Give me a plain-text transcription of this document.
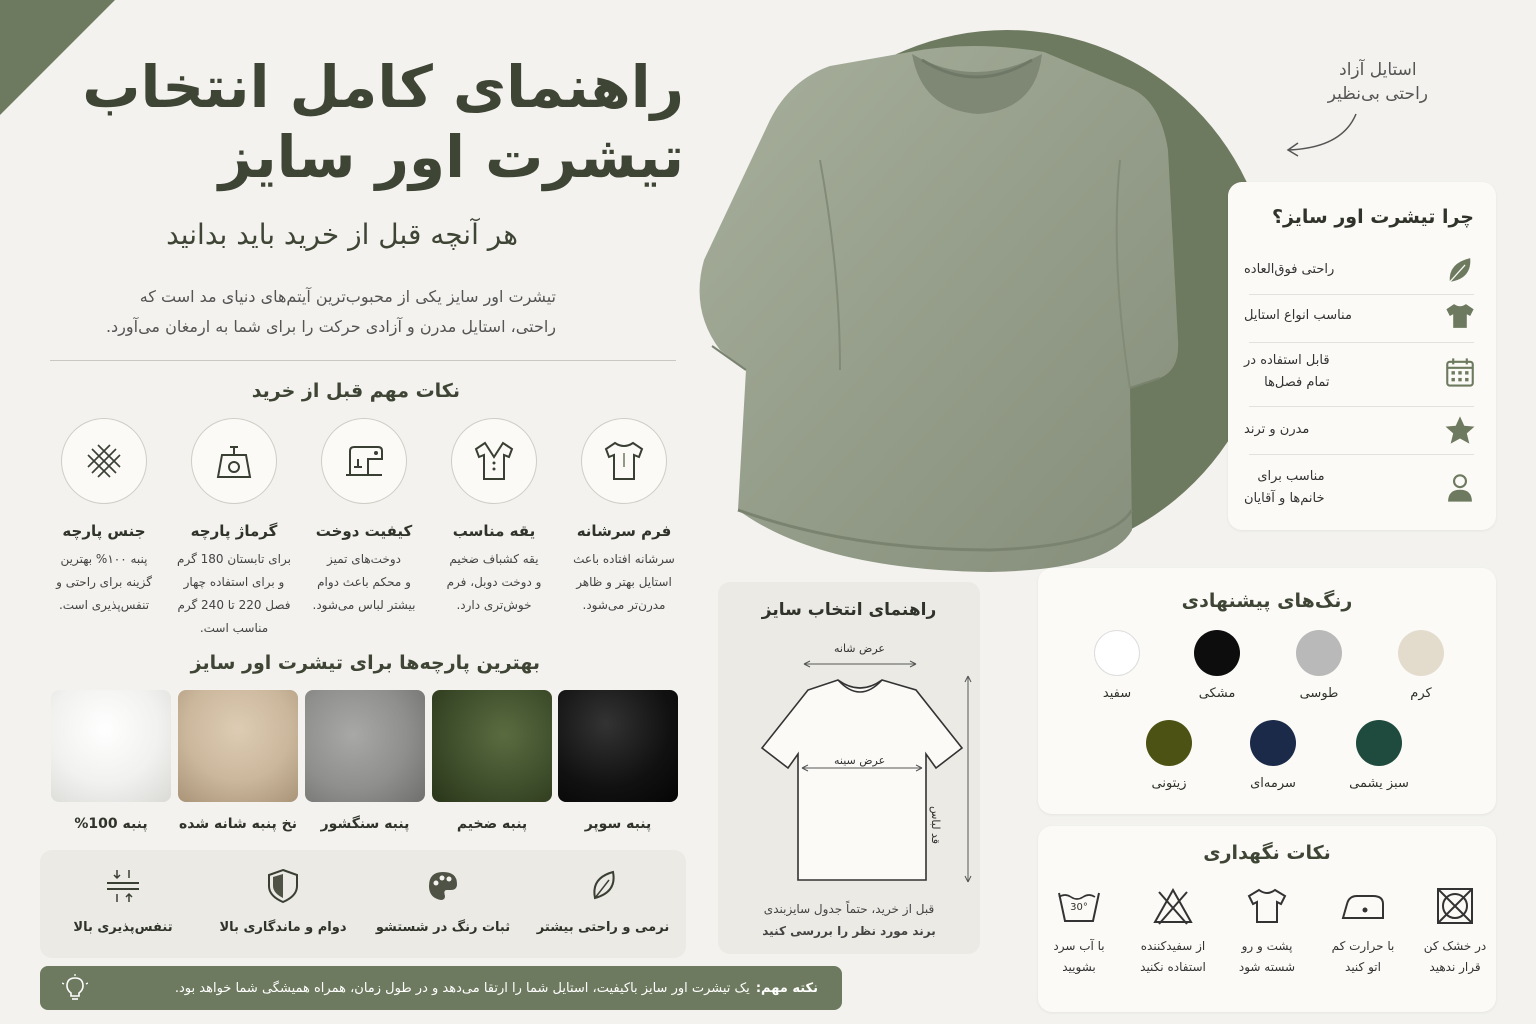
راهنمای کامل انتخاب
تیشرت اور سایز
هر آنچه قبل از خرید باید بدانید
تیشرت اور سایز یکی از محبوب‌ترین آیتم‌های دنیای مد است که
راحتی، استایل مدرن و آزادی حرکت را برای شما به ارمغان می‌آورد.
نکات مهم قبل از خرید
فرم سرشانه
سرشانه افتاده باعث
استایل بهتر و ظاهر
مدرن‌تر می‌شود.
یقه مناسب
یقه کشباف ضخیم
و دوخت دوبل، فرم
خوش‌تری دارد.
کیفیت دوخت
دوخت‌های تمیز
و محکم باعث دوام
بیشتر لباس می‌شود.
گرماژ پارچه
برای تابستان 180 گرم
و برای استفاده چهار
فصل 220 تا 240 گرم
مناسب است.
جنس پارچه
پنبه ۱۰۰% بهترین
گزینه برای راحتی و
تنفس‌پذیری است.
بهترین پارچه‌ها برای تیشرت اور سایز
پنبه سوپر
پنبه ضخیم
پنبه سنگشور
نخ پنبه شانه شده
پنبه 100%
نرمی و راحتی بیشتر
ثبات رنگ در شستشو
دوام و ماندگاری بالا
تنفس‌پذیری بالا
نکته مهم:
یک تیشرت اور سایز باکیفیت، استایل شما را ارتقا می‌دهد و در طول زمان، همراه همیشگی شما خواهد بود.
استایل آزاد
راحتی بی‌نظیر
چرا تیشرت اور سایز؟
راحتی فوق‌العاده
مناسب انواع استایل
قابل استفاده در
تمام فصل‌ها
مدرن و ترند
مناسب برای
خانم‌ها و آقایان
راهنمای انتخاب سایز
عرض شانه
عرض سینه
قد لباس
قبل از خرید، حتماً جدول سایزبندی
برند مورد نظر را بررسی کنید
رنگ‌های پیشنهادی
نکات نگهداری
در خشک کن
قرار ندهید
با حرارت کم
اتو کنید
پشت و رو
شسته شود
از سفیدکننده
استفاده نکنید
30°
با آب سرد
بشویید
کرم
طوسی
مشکی
سفید
سبز یشمی
سرمه‌ای
زیتونی
